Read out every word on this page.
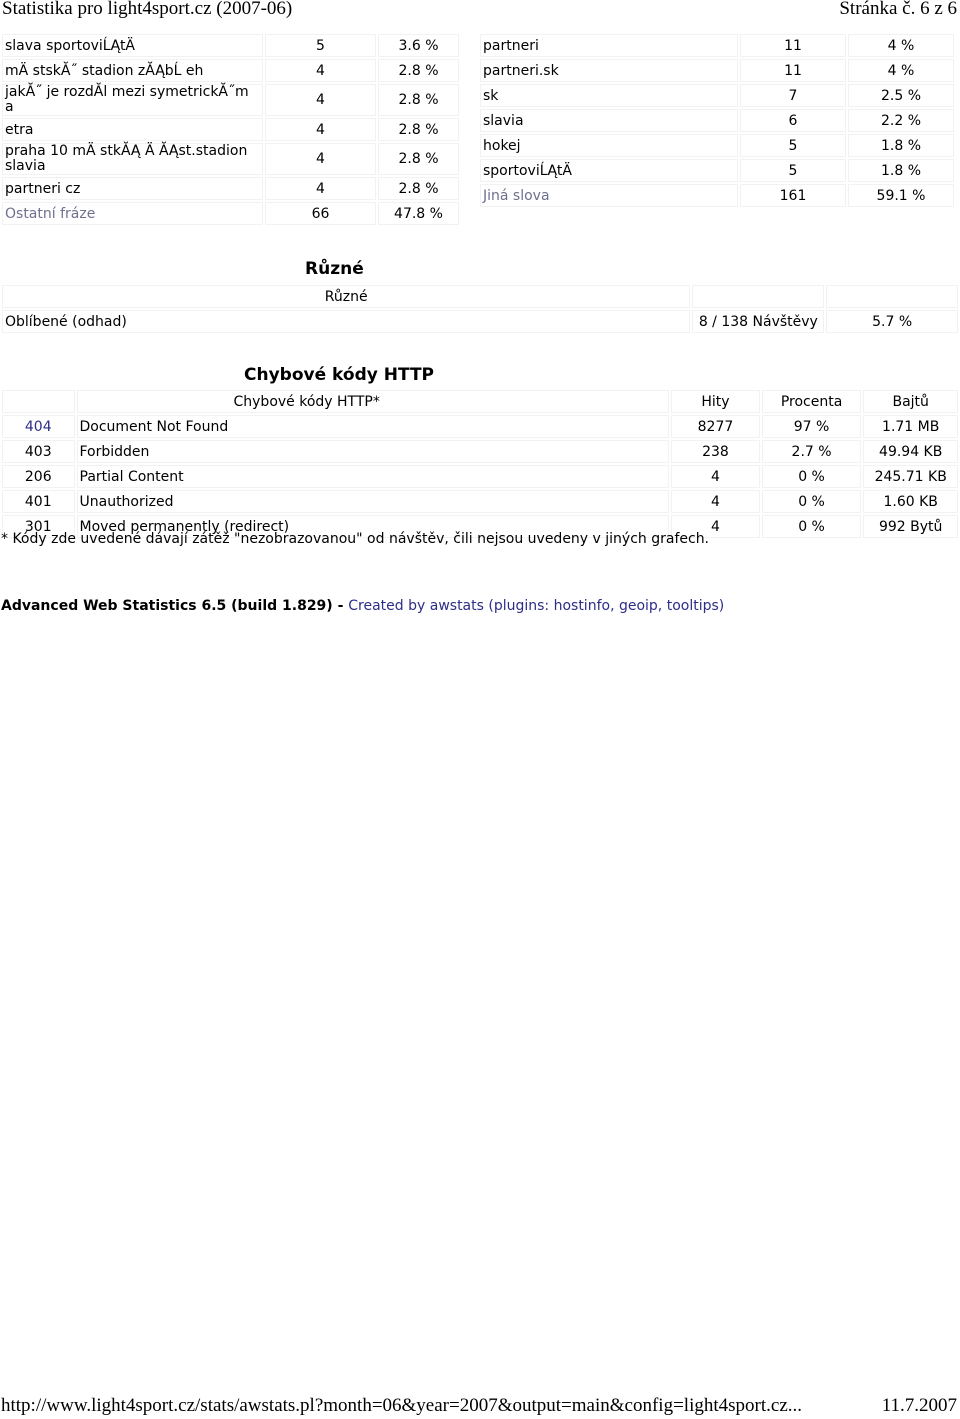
Statistika pro light4sport.cz (2007-06)	Stránka č. 6 z 6
slava sportoviĹĄtÄ	5	3.6 %
mÄ stskĂ˝ stadion zĂĄbĹ eh	4	2.8 %
jakĂ˝ je rozdĂl mezi symetrickĂ˝m a	4	2.8 %
etra	4	2.8 %
praha 10 mÄ stkĂĄ Ä ĂĄst.stadion slavia	4	2.8 %
partneri cz	4	2.8 %
Ostatní fráze	66	47.8 %
partneri	11	4 %
partneri.sk	11	4 %
sk	7	2.5 %
slavia	6	2.2 %
hokej	5	1.8 %
sportoviĹĄtÄ	5	1.8 %
Jiná slova	161	59.1 %
Různé
Různé		
Oblíbené (odhad)	8 / 138 Návštěvy	5.7 %
Chybové kódy HTTP
	Chybové kódy HTTP*	Hity	Procenta	Bajtů
404	Document Not Found	8277	97 %	1.71 MB
403	Forbidden	238	2.7 %	49.94 KB
206	Partial Content	4	0 %	245.71 KB
401	Unauthorized	4	0 %	1.60 KB
301	Moved permanently (redirect)	4	0 %	992 Bytů
* Kódy zde uvedené dávají zátěž "nezobrazovanou" od návštěv, čili nejsou uvedeny v jiných grafech.
Advanced Web Statistics 6.5 (build 1.829) - Created by awstats (plugins: hostinfo, geoip, tooltips)
http://www.light4sport.cz/stats/awstats.pl?month=06&year=2007&output=main&config=light4sport.cz...	11.7.2007
